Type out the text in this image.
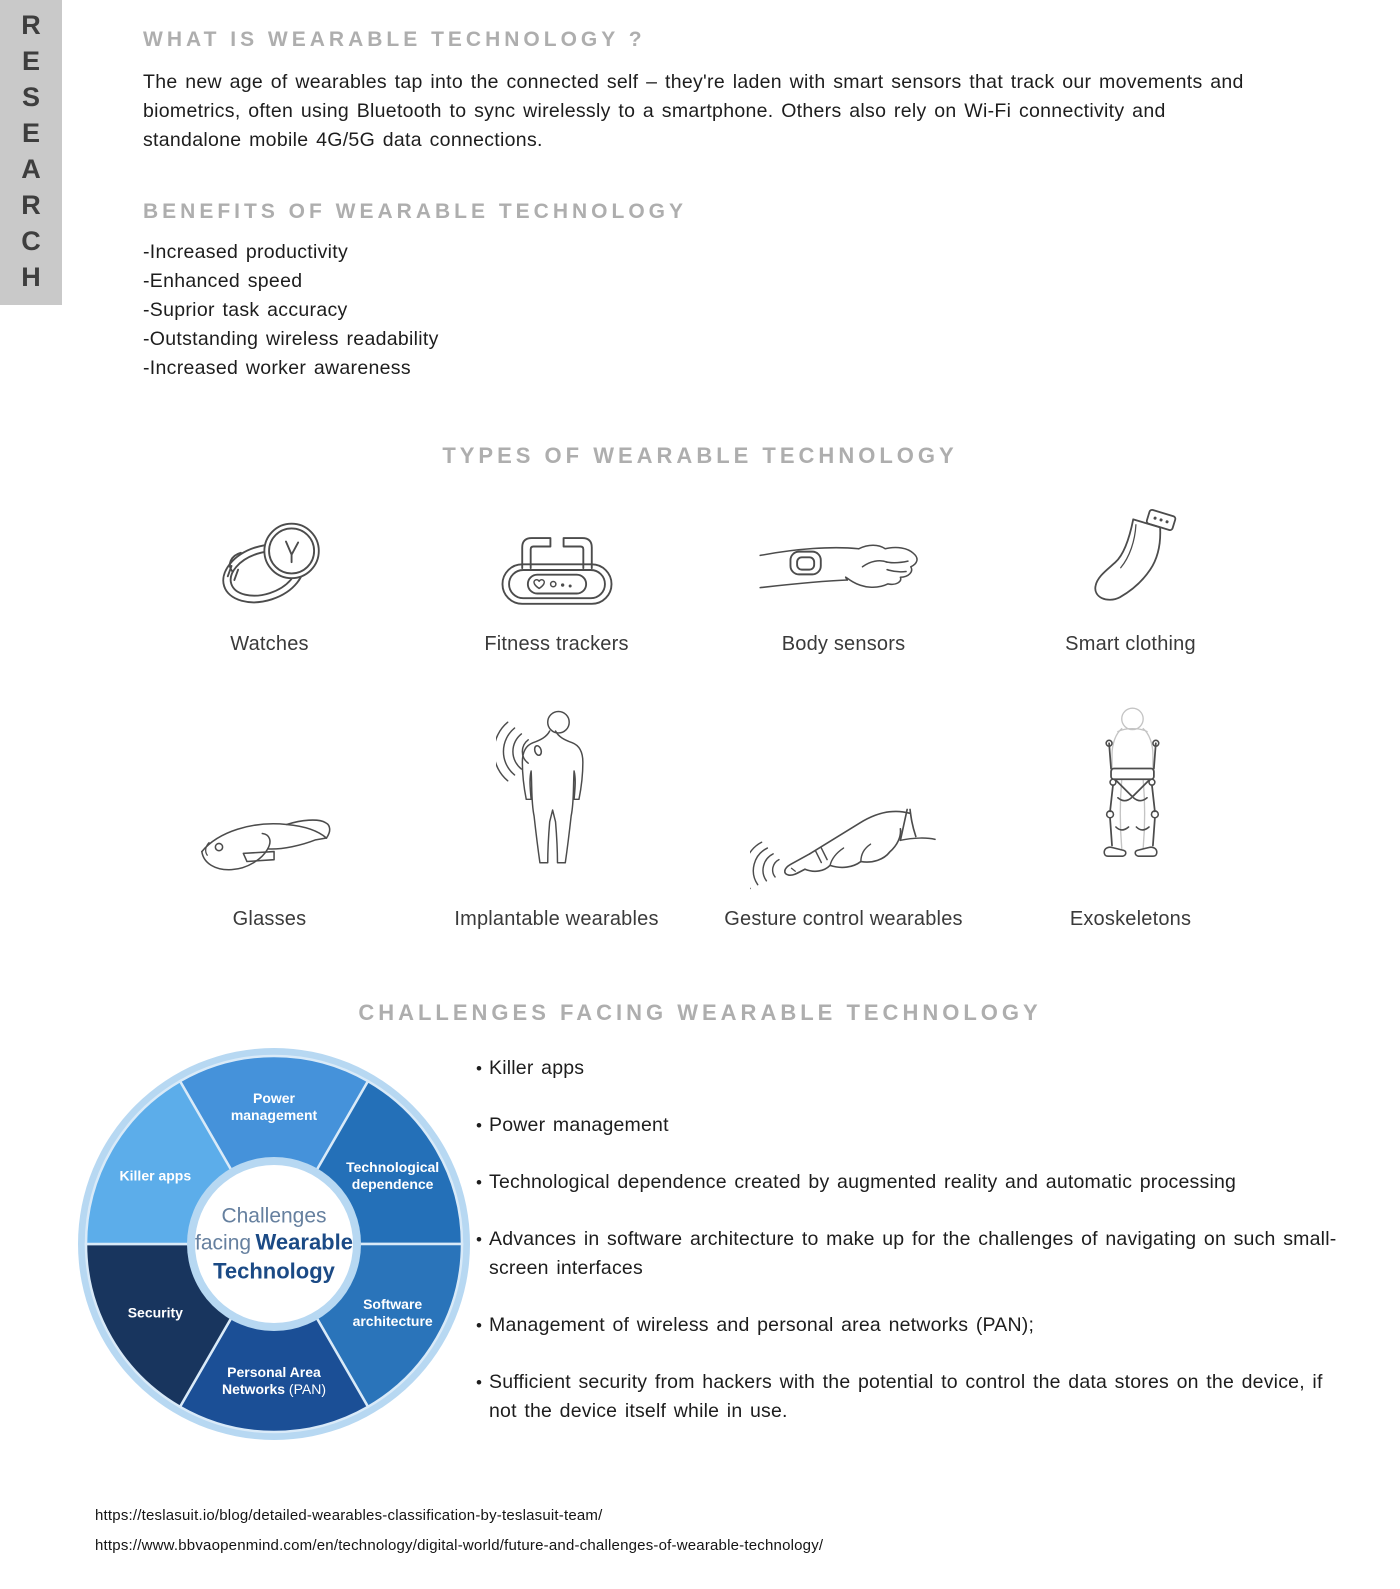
R
E
S
E
A
R
C
H
WHAT IS WEARABLE TECHNOLOGY ?

The new age of wearables tap into the connected self – they're laden with smart sensors that track our movements and biometrics, often using Bluetooth to sync wirelessly to a smartphone. Others also rely on Wi-Fi connectivity and standalone mobile 4G/5G data connections.

BENEFITS OF WEARABLE TECHNOLOGY
-Increased productivity
-Enhanced speed
-Suprior task accuracy
-Outstanding wireless readability
-Increased worker awareness
TYPES OF WEARABLE TECHNOLOGY
Watches	Fitness trackers	Body sensors	Smart clothing
Glasses	Implantable wearables	Gesture control wearables	Exoskeletons
CHALLENGES FACING WEARABLE TECHNOLOGY
Power
management
Technological
dependence
Software
architecture
Personal Area
Networks (PAN)
Security
Killer apps
Challenges
facing Wearable
Technology
• Killer apps
• Power management
• Technological dependence created by augmented reality and automatic processing
• Advances in software architecture to make up for the challenges of navigating on such small-screen interfaces
• Management of wireless and personal area networks (PAN);
• Sufficient security from hackers with the potential to control the data stores on the device, if not the device itself while in use.
https://teslasuit.io/blog/detailed-wearables-classification-by-teslasuit-team/
https://www.bbvaopenmind.com/en/technology/digital-world/future-and-challenges-of-wearable-technology/
